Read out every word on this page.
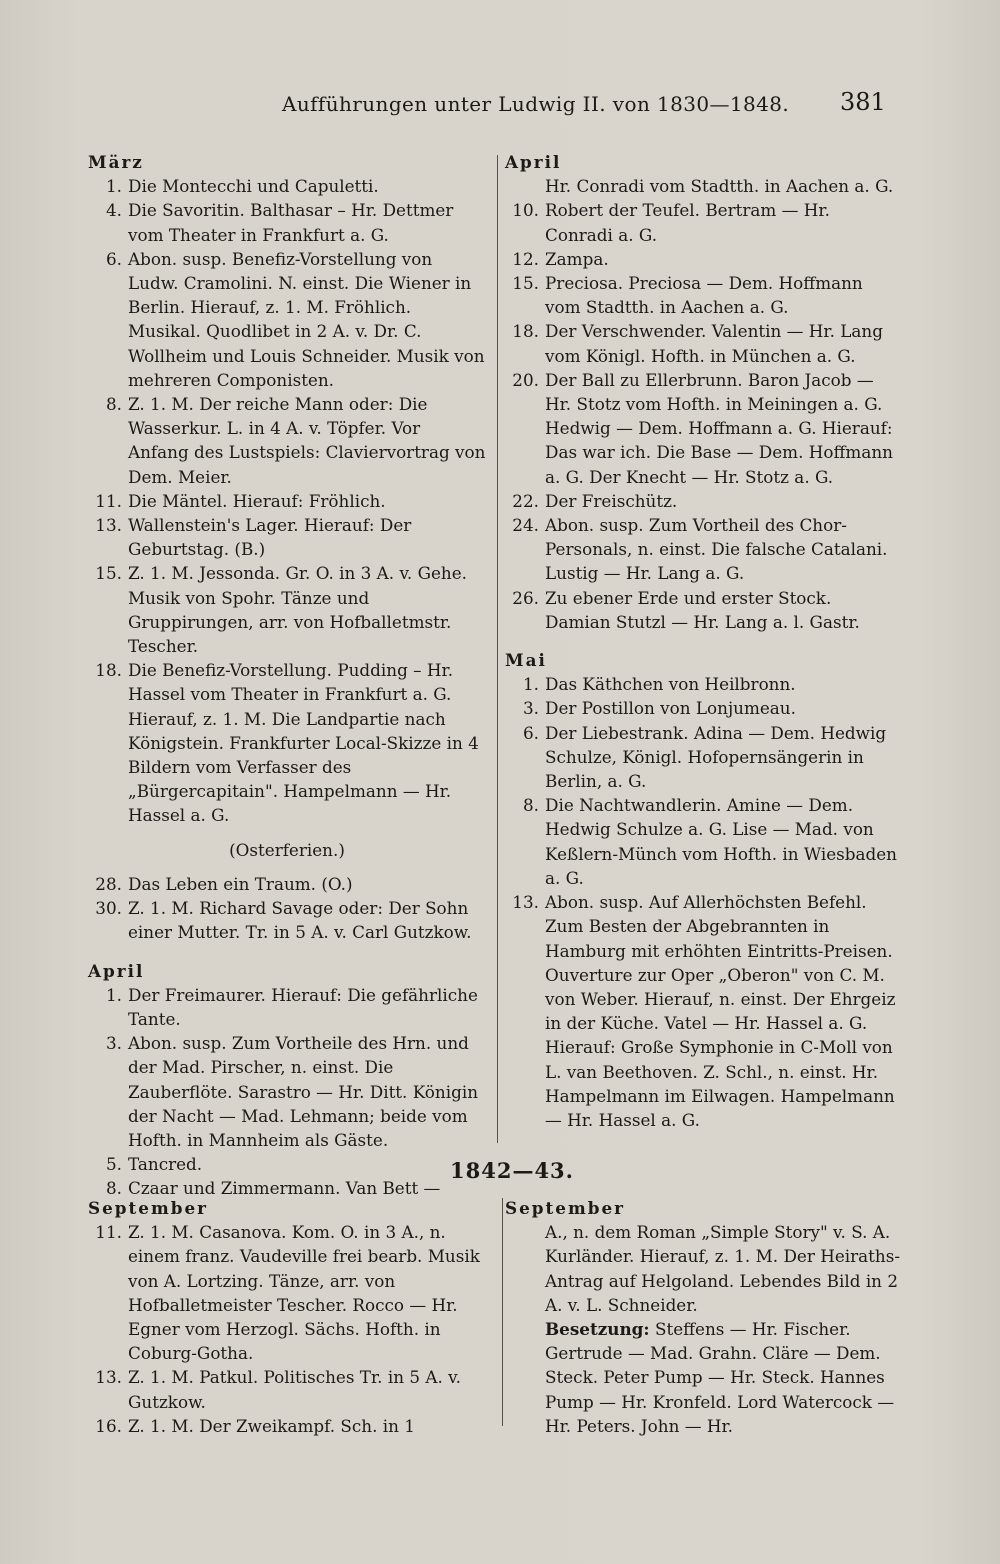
Aufführungen unter Ludwig II. von 1830—1848. 381
März

1. Die Montecchi und Capuletti.

4. Die Savoritin. Balthasar – Hr. Dettmer vom Theater in Frankfurt a. G.

6. Abon. susp. Benefiz-Vorstellung von Ludw. Cramolini. N. einst. Die Wiener in Berlin. Hierauf, z. 1. M. Fröhlich. Musikal. Quodlibet in 2 A. v. Dr. C. Wollheim und Louis Schneider. Musik von mehreren Componisten.

8. Z. 1. M. Der reiche Mann oder: Die Wasserkur. L. in 4 A. v. Töpfer. Vor Anfang des Lustspiels: Claviervortrag von Dem. Meier.

11. Die Mäntel. Hierauf: Fröhlich.

13. Wallenstein's Lager. Hierauf: Der Geburtstag. (B.)

15. Z. 1. M. Jessonda. Gr. O. in 3 A. v. Gehe. Musik von Spohr. Tänze und Gruppirungen, arr. von Hofballetmstr. Tescher.

18. Die Benefiz-Vorstellung. Pudding – Hr. Hassel vom Theater in Frankfurt a. G. Hierauf, z. 1. M. Die Landpartie nach Königstein. Frankfurter Local-Skizze in 4 Bildern vom Verfasser des „Bürgercapitain". Hampelmann — Hr. Hassel a. G.

(Osterferien.)

28. Das Leben ein Traum. (O.)

30. Z. 1. M. Richard Savage oder: Der Sohn einer Mutter. Tr. in 5 A. v. Carl Gutzkow.

April

1. Der Freimaurer. Hierauf: Die gefährliche Tante.

3. Abon. susp. Zum Vortheile des Hrn. und der Mad. Pirscher, n. einst. Die Zauberflöte. Sarastro — Hr. Ditt. Königin der Nacht — Mad. Lehmann; beide vom Hofth. in Mannheim als Gäste.

5. Tancred.

8. Czaar und Zimmermann. Van Bett —

April

Hr. Conradi vom Stadtth. in Aachen a. G.

10. Robert der Teufel. Bertram — Hr. Conradi a. G.

12. Zampa.

15. Preciosa. Preciosa — Dem. Hoffmann vom Stadtth. in Aachen a. G.

18. Der Verschwender. Valentin — Hr. Lang vom Königl. Hofth. in München a. G.

20. Der Ball zu Ellerbrunn. Baron Jacob — Hr. Stotz vom Hofth. in Meiningen a. G. Hedwig — Dem. Hoffmann a. G. Hierauf: Das war ich. Die Base — Dem. Hoffmann a. G. Der Knecht — Hr. Stotz a. G.

22. Der Freischütz.

24. Abon. susp. Zum Vortheil des Chor-Personals, n. einst. Die falsche Catalani. Lustig — Hr. Lang a. G.

26. Zu ebener Erde und erster Stock. Damian Stutzl — Hr. Lang a. l. Gastr.

Mai

1. Das Käthchen von Heilbronn.

3. Der Postillon von Lonjumeau.

6. Der Liebestrank. Adina — Dem. Hedwig Schulze, Königl. Hofopernsängerin in Berlin, a. G.

8. Die Nachtwandlerin. Amine — Dem. Hedwig Schulze a. G. Lise — Mad. von Keßlern-Münch vom Hofth. in Wiesbaden a. G.

13. Abon. susp. Auf Allerhöchsten Befehl. Zum Besten der Abgebrannten in Hamburg mit erhöhten Eintritts-Preisen. Ouverture zur Oper „Oberon" von C. M. von Weber. Hierauf, n. einst. Der Ehrgeiz in der Küche. Vatel — Hr. Hassel a. G. Hierauf: Große Symphonie in C-Moll von L. van Beethoven. Z. Schl., n. einst. Hr. Hampelmann im Eilwagen. Hampelmann — Hr. Hassel a. G.

1842—43.
September

11. Z. 1. M. Casanova. Kom. O. in 3 A., n. einem franz. Vaudeville frei bearb. Musik von A. Lortzing. Tänze, arr. von Hofballetmeister Tescher. Rocco — Hr. Egner vom Herzogl. Sächs. Hofth. in Coburg-Gotha.

13. Z. 1. M. Patkul. Politisches Tr. in 5 A. v. Gutzkow.

16. Z. 1. M. Der Zweikampf. Sch. in 1

September

A., n. dem Roman „Simple Story" v. S. A. Kurländer. Hierauf, z. 1. M. Der Heiraths-Antrag auf Helgoland. Lebendes Bild in 2 A. v. L. Schneider.

Besetzung: Steffens — Hr. Fischer. Gertrude — Mad. Grahn. Cläre — Dem. Steck. Peter Pump — Hr. Steck. Hannes Pump — Hr. Kronfeld. Lord Watercock — Hr. Peters. John — Hr.
